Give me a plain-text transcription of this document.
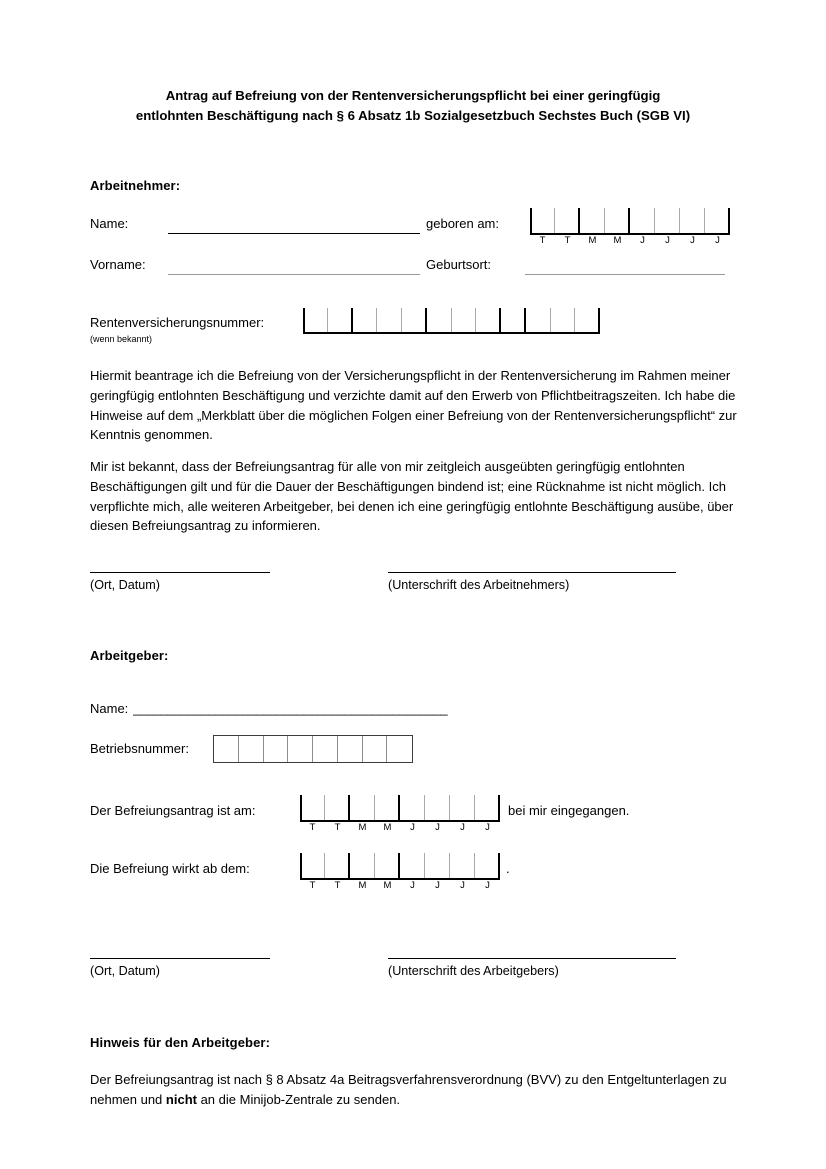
Antrag auf Befreiung von der Rentenversicherungspflicht bei einer geringfügig
entlohnten Beschäftigung nach § 6 Absatz 1b Sozialgesetzbuch Sechstes Buch (SGB VI)
Arbeitnehmer:
Name:	geboren am:
T	T	M	M	J	J	J	J
Vorname:	Geburtsort:
Rentenversicherungsnummer:
(wenn bekannt)
Hiermit beantrage ich die Befreiung von der Versicherungspflicht in der Rentenversicherung im Rahmen meiner geringfügig entlohnten Beschäftigung und verzichte damit auf den Erwerb von Pflichtbeitragszeiten. Ich habe die Hinweise auf dem „Merkblatt über die möglichen Folgen einer Befreiung von der Rentenversicherungspflicht“ zur Kenntnis genommen.
Mir ist bekannt, dass der Befreiungsantrag für alle von mir zeitgleich ausgeübten geringfügig entlohnten Beschäftigungen gilt und für die Dauer der Beschäftigungen bindend ist; eine Rücknahme ist nicht möglich. Ich verpflichte mich, alle weiteren Arbeitgeber, bei denen ich eine geringfügig entlohnte Beschäftigung ausübe, über diesen Befreiungsantrag zu informieren.
(Ort, Datum)	(Unterschrift des Arbeitnehmers)
Arbeitgeber:
Name: ______________________________________________
Betriebsnummer:
Der Befreiungsantrag ist am:
T	T	M	M	J	J	J	J
bei mir eingegangen.
Die Befreiung wirkt ab dem:
T	T	M	M	J	J	J	J
.
(Ort, Datum)	(Unterschrift des Arbeitgebers)
Hinweis für den Arbeitgeber:
Der Befreiungsantrag ist nach § 8 Absatz 4a Beitragsverfahrensverordnung (BVV) zu den Entgeltunterlagen zu nehmen und nicht an die Minijob-Zentrale zu senden.
